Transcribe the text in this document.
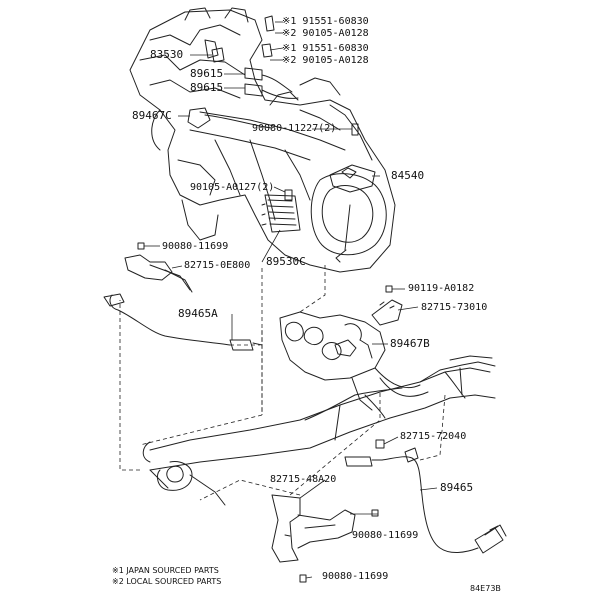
※1 91551-60830
※2 90105-A0128
83530	※1 91551-60830
※2 90105-A0128
89615
89615
89467C
90080-11227(2)
84540
90105-A0127(2)
90080-11699
82715-0E800 89530C
90119-A0182
82715-73010
89465A
89467B
82715-72040
89465
82715-48A20
90080-11699
90080-11699
※1 JAPAN SOURCED PARTS
※2 LOCAL SOURCED PARTS
84E73B
